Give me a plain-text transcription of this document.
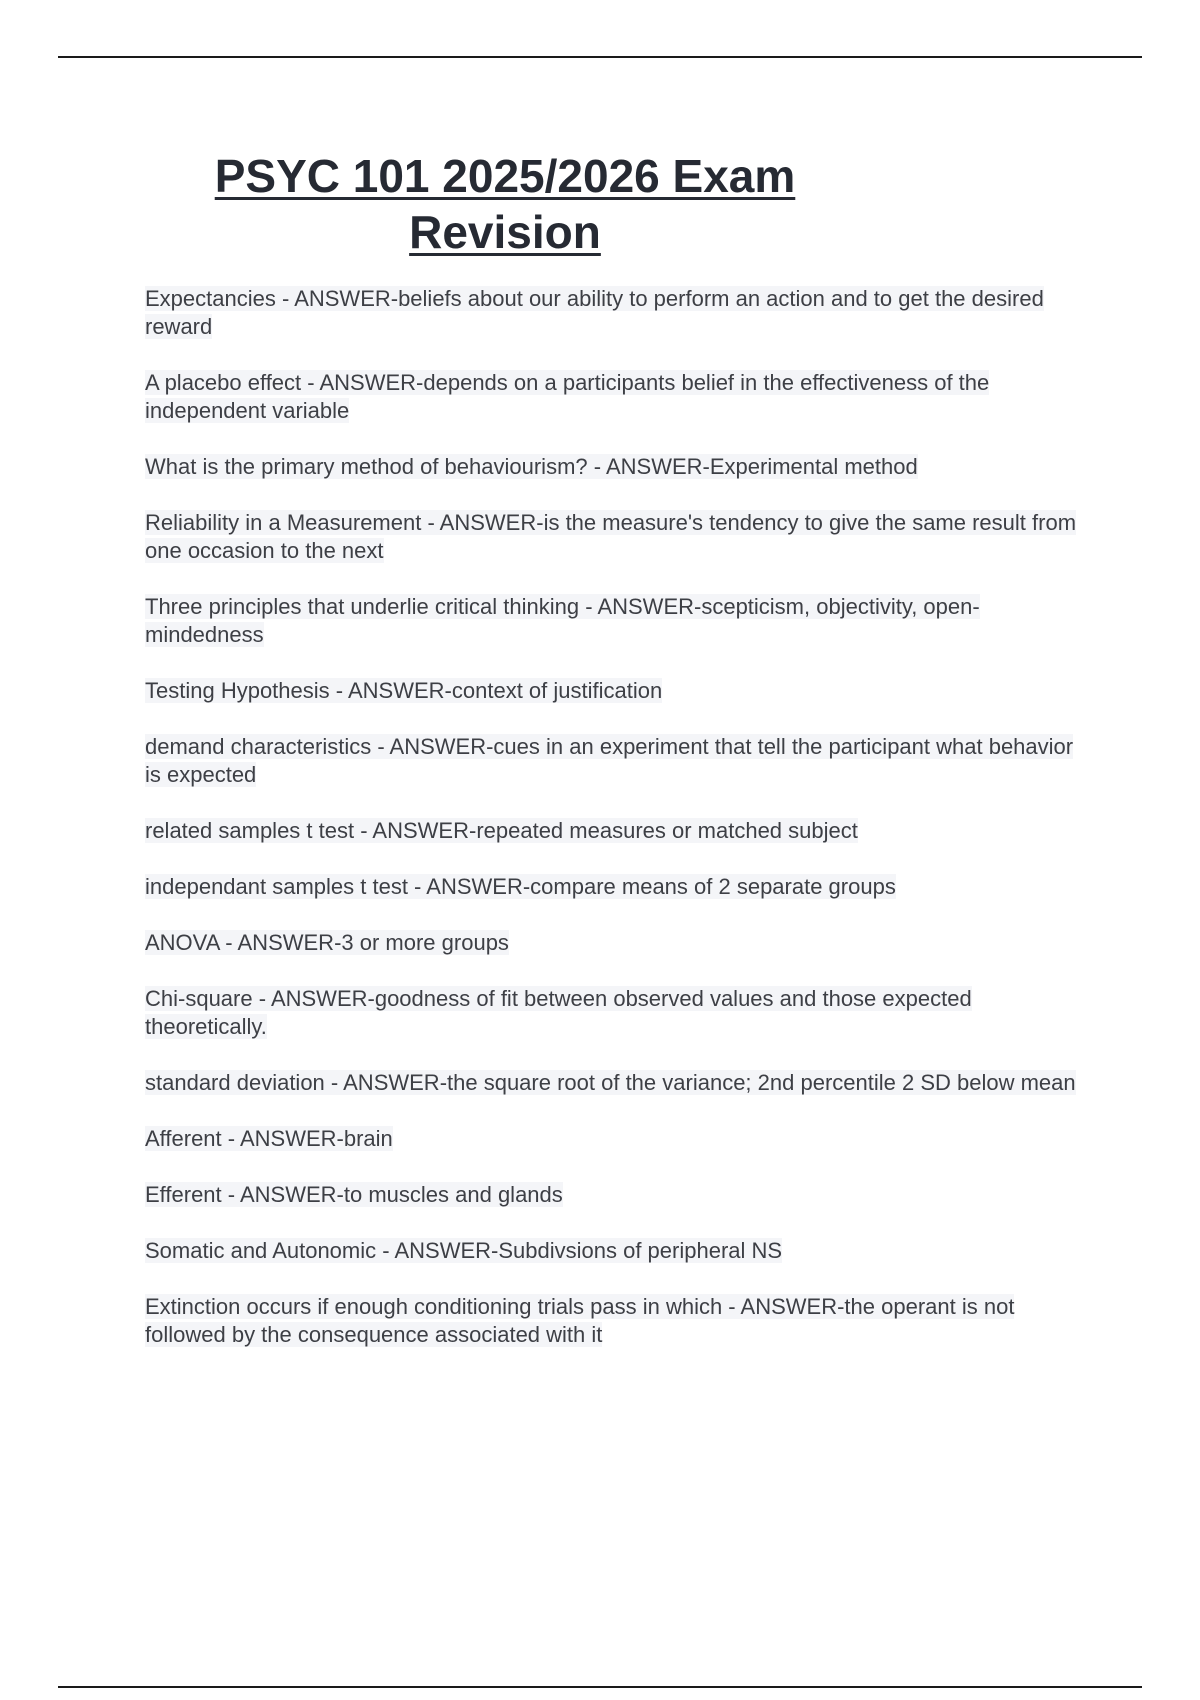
PSYC 101 2025/2026 Exam
Revision
Expectancies - ANSWER-beliefs about our ability to perform an action and to get the desired reward
A placebo effect - ANSWER-depends on a participants belief in the effectiveness of the independent variable
What is the primary method of behaviourism? - ANSWER-Experimental method
Reliability in a Measurement - ANSWER-is the measure's tendency to give the same result from one occasion to the next
Three principles that underlie critical thinking - ANSWER-scepticism, objectivity, open-mindedness
Testing Hypothesis - ANSWER-context of justification
demand characteristics - ANSWER-cues in an experiment that tell the participant what behavior is expected
related samples t test - ANSWER-repeated measures or matched subject
independant samples t test - ANSWER-compare means of 2 separate groups
ANOVA - ANSWER-3 or more groups
Chi-square - ANSWER-goodness of fit between observed values and those expected theoretically.
standard deviation - ANSWER-the square root of the variance; 2nd percentile 2 SD below mean
Afferent - ANSWER-brain
Efferent - ANSWER-to muscles and glands
Somatic and Autonomic - ANSWER-Subdivsions of peripheral NS
Extinction occurs if enough conditioning trials pass in which - ANSWER-the operant is not followed by the consequence associated with it
